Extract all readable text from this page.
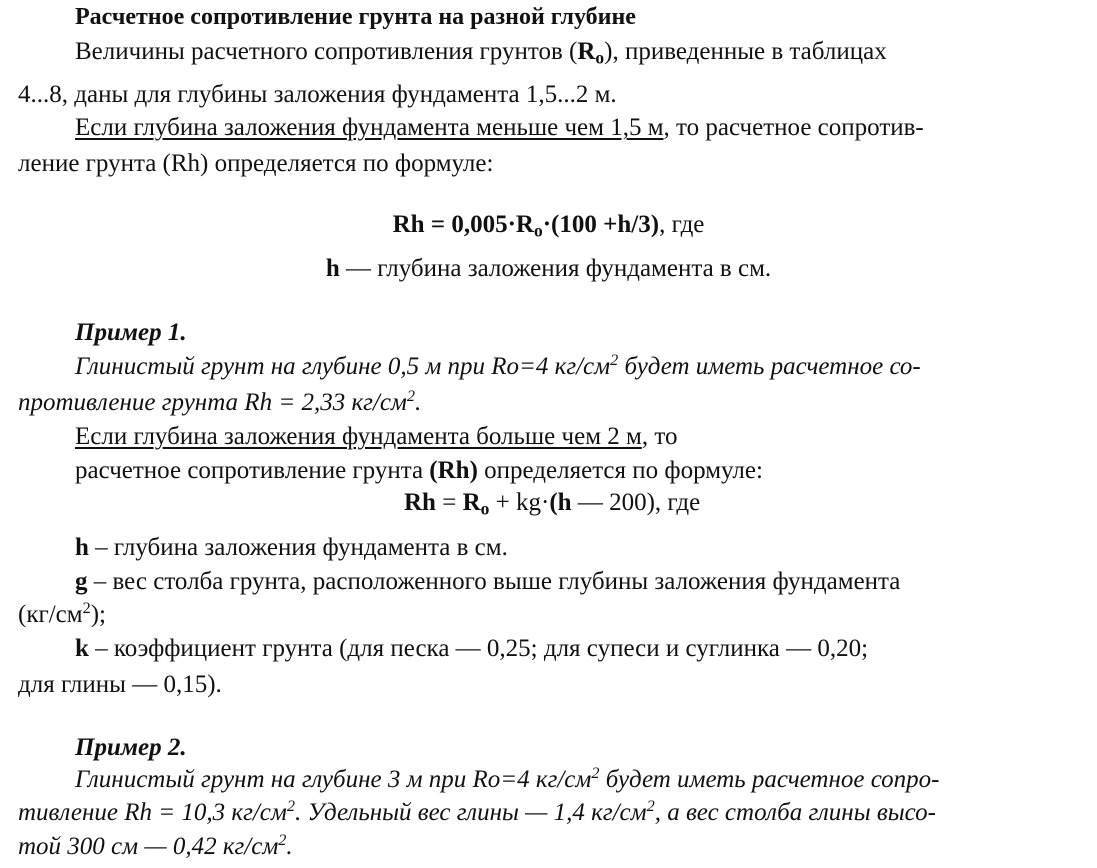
Расчетное сопротивление грунта на разной глубине
Величины расчетного сопротивления грунтов $(R_o)$, приведенные в таблицах
4...8, даны для глубины заложения фундамента 1,5...2 м.
Если глубина заложения фундамента меньше чем 1,5 м, то расчетное сопротив-
ление грунта (Rh) определяется по формуле:
$Rh = 0,005\cdot R_o\cdot(100 +h/3)$, где
h — глубина заложения фундамента в см.
Пример 1.
Глинистый грунт на глубине 0,5 м при Ro=4 $кг/см^2$ будет иметь расчетное со-
противление грунта Rh = 2,33 $кг/см^2$.
Если глубина заложения фундамента больше чем 2 м, то
расчетное сопротивление грунта (Rh) определяется по формуле:
$Rh = R_o + kg\cdot(h$ — 200), где
h – глубина заложения фундамента в см.
g – вес столба грунта, расположенного выше глубины заложения фундамента
$(кг/см^2)$;
k – коэффициент грунта (для песка — 0,25; для супеси и суглинка — 0,20;
для глины — 0,15).
Пример 2.
Глинистый грунт на глубине 3 м при Ro=4 $кг/см^2$ будет иметь расчетное сопро-
тивление Rh = 10,3 $кг/см^2$. Удельный вес глины — 1,4 $кг/см^2$, а вес столба глины высо-
той 300 см — 0,42 $кг/см^2$.
